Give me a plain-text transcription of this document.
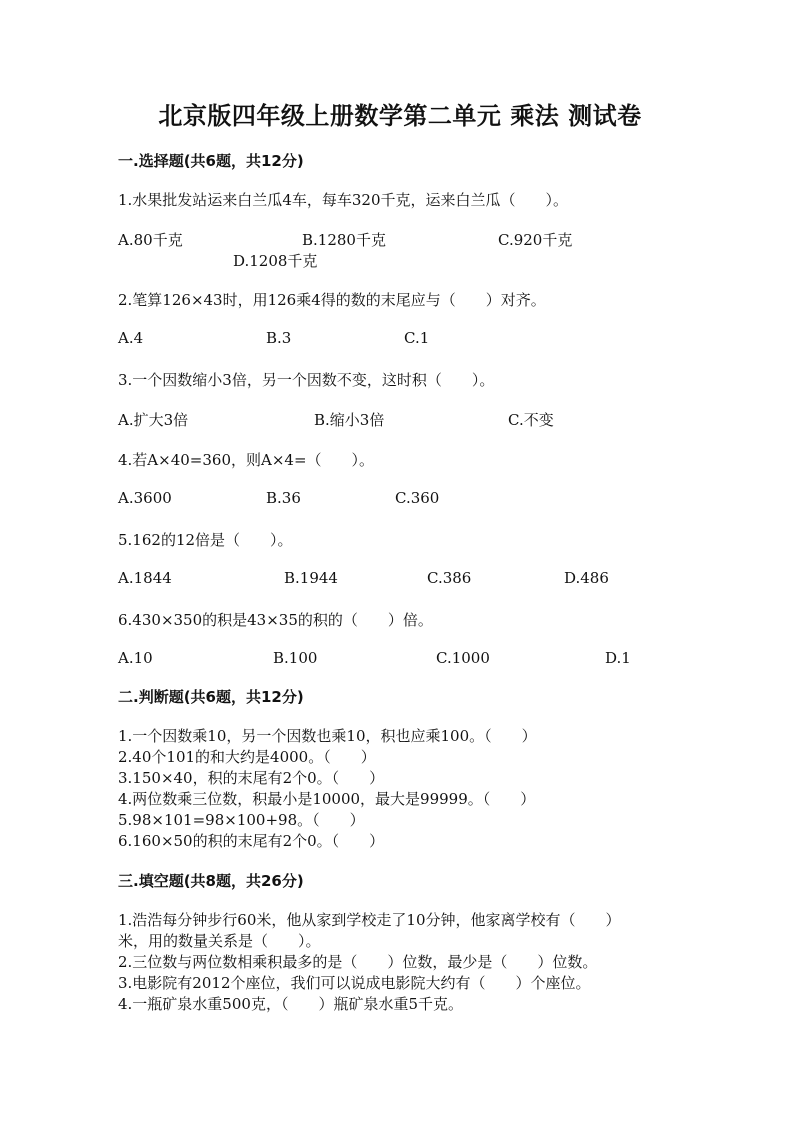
北京版四年级上册数学第二单元 乘法 测试卷
一.选择题(共6题，共12分)
1.水果批发站运来白兰瓜4车，每车320千克，运来白兰瓜（　　）。
A.80千克	B.1280千克	C.920千克
D.1208千克
2.笔算126×43时，用126乘4得的数的末尾应与（　　）对齐。
A.4	B.3	C.1
3.一个因数缩小3倍，另一个因数不变，这时积（　　）。
A.扩大3倍	B.缩小3倍	C.不变
4.若A×40=360，则A×4=（　　）。
A.3600	B.36	C.360
5.162的12倍是（　　）。
A.1844	B.1944	C.386	D.486
6.430×350的积是43×35的积的（　　）倍。
A.10	B.100	C.1000	D.1
二.判断题(共6题，共12分)
1.一个因数乘10，另一个因数也乘10，积也应乘100。（　　）
2.40个101的和大约是4000。（　　）
3.150×40，积的末尾有2个0。（　　）
4.两位数乘三位数，积最小是10000，最大是99999。（　　）
5.98×101=98×100+98。（　　）
6.160×50的积的末尾有2个0。（　　）
三.填空题(共8题，共26分)
1.浩浩每分钟步行60米，他从家到学校走了10分钟，他家离学校有（　　）
米，用的数量关系是（　　）。
2.三位数与两位数相乘积最多的是（　　）位数，最少是（　　）位数。
3.电影院有2012个座位，我们可以说成电影院大约有（　　）个座位。
4.一瓶矿泉水重500克，（　　）瓶矿泉水重5千克。
